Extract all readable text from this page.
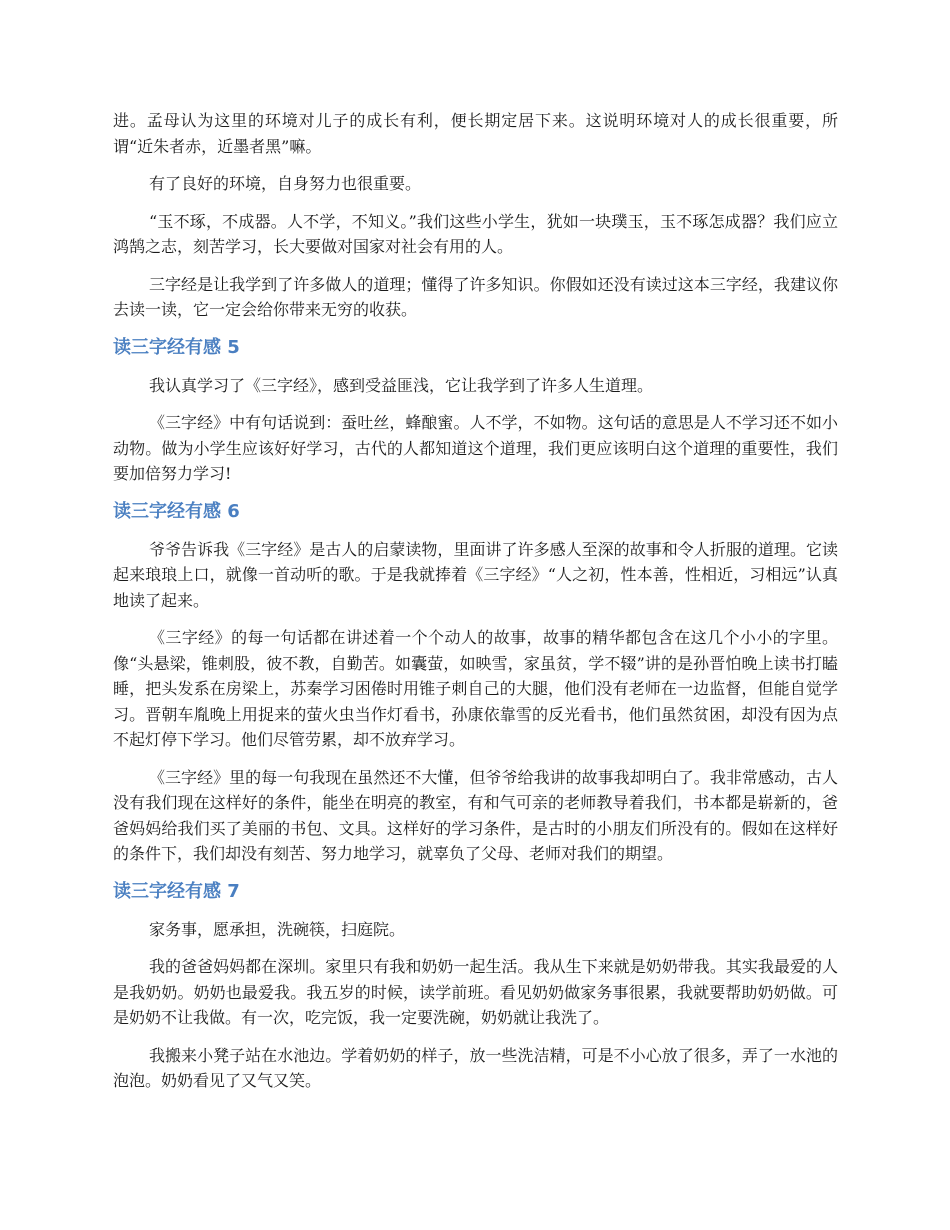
进。孟母认为这里的环境对儿子的成长有利，便长期定居下来。这说明环境对人的成长很重要，所谓“近朱者赤，近墨者黑”嘛。

有了良好的环境，自身努力也很重要。

“玉不琢，不成器。人不学，不知义。”我们这些小学生，犹如一块璞玉，玉不琢怎成器？我们应立鸿鹄之志，刻苦学习，长大要做对国家对社会有用的人。

三字经是让我学到了许多做人的道理；懂得了许多知识。你假如还没有读过这本三字经，我建议你去读一读，它一定会给你带来无穷的收获。

读三字经有感 5

我认真学习了《三字经》，感到受益匪浅，它让我学到了许多人生道理。

《三字经》中有句话说到：蚕吐丝，蜂酿蜜。人不学，不如物。这句话的意思是人不学习还不如小动物。做为小学生应该好好学习，古代的人都知道这个道理，我们更应该明白这个道理的重要性，我们要加倍努力学习!

读三字经有感 6

爷爷告诉我《三字经》是古人的启蒙读物，里面讲了许多感人至深的故事和令人折服的道理。它读起来琅琅上口，就像一首动听的歌。于是我就捧着《三字经》“人之初，性本善，性相近，习相远”认真地读了起来。

《三字经》的每一句话都在讲述着一个个动人的故事，故事的精华都包含在这几个小小的字里。像“头悬梁，锥刺股，彼不教，自勤苦。如囊萤，如映雪，家虽贫，学不辍”讲的是孙晋怕晚上读书打瞌睡，把头发系在房梁上，苏秦学习困倦时用锥子刺自己的大腿，他们没有老师在一边监督，但能自觉学习。晋朝车胤晚上用捉来的萤火虫当作灯看书，孙康依靠雪的反光看书，他们虽然贫困，却没有因为点不起灯停下学习。他们尽管劳累，却不放弃学习。

《三字经》里的每一句我现在虽然还不大懂，但爷爷给我讲的故事我却明白了。我非常感动，古人没有我们现在这样好的条件，能坐在明亮的教室，有和气可亲的老师教导着我们，书本都是崭新的，爸爸妈妈给我们买了美丽的书包、文具。这样好的学习条件，是古时的小朋友们所没有的。假如在这样好的条件下，我们却没有刻苦、努力地学习，就辜负了父母、老师对我们的期望。

读三字经有感 7

家务事，愿承担，洗碗筷，扫庭院。

我的爸爸妈妈都在深圳。家里只有我和奶奶一起生活。我从生下来就是奶奶带我。其实我最爱的人是我奶奶。奶奶也最爱我。我五岁的时候，读学前班。看见奶奶做家务事很累，我就要帮助奶奶做。可是奶奶不让我做。有一次，吃完饭，我一定要洗碗，奶奶就让我洗了。

我搬来小凳子站在水池边。学着奶奶的样子，放一些洗洁精，可是不小心放了很多，弄了一水池的泡泡。奶奶看见了又气又笑。
